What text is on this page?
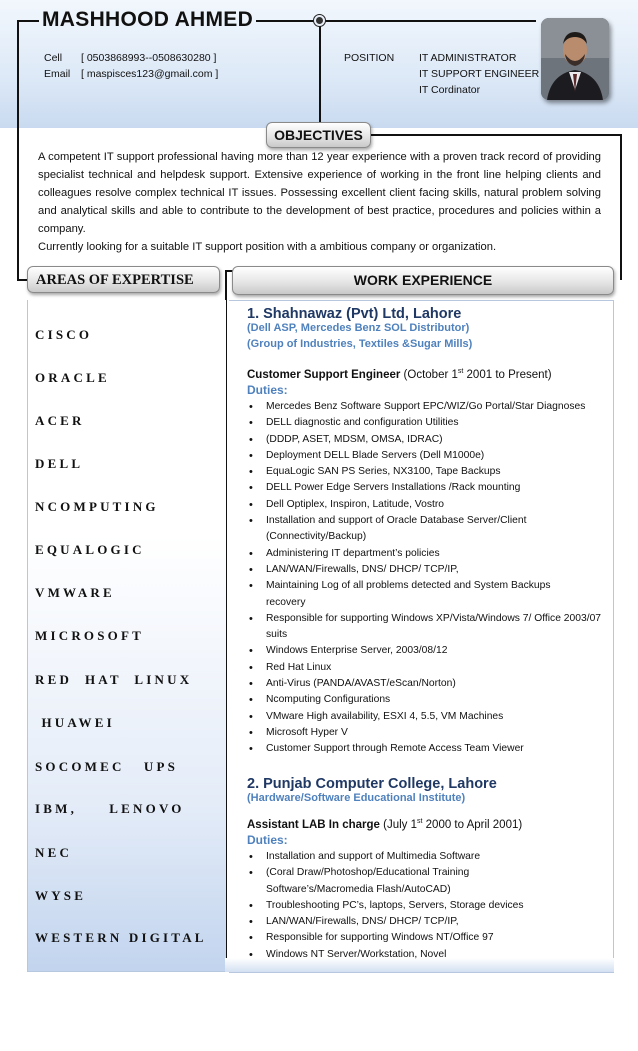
MASHHOOD AHMED
Cell [ 0503868993--0508630280 ]
Email [ maspisces123@gmail.com ]
POSITION IT ADMINISTRATOR
IT SUPPORT ENGINEER
IT Cordinator
OBJECTIVES

A competent IT support professional having more than 12 year experience with a proven track record of providing specialist technical and helpdesk support. Extensive experience of working in the front line helping clients and colleagues resolve complex technical IT issues. Possessing excellent client facing skills, natural problem solving and analytical skills and able to contribute to the development of best practice, procedures and policies within a company.

Currently looking for a suitable IT support position with a ambitious company or organization.

AREAS OF EXPERTISE	WORK EXPERIENCE
CISCO
ORACLE
ACER
DELL
NCOMPUTING
EQUALOGIC
VMWARE
MICROSOFT
RED  HAT  LINUX
HUAWEI
SOCOMEC   UPS
IBM,     LENOVO
NEC
WYSE
WESTERN DIGITAL
1. Shahnawaz (Pvt) Ltd, Lahore
(Dell ASP, Mercedes Benz SOL Distributor)
(Group of Industries, Textiles &Sugar Mills)
Customer Support Engineer (October 1st 2001 to Present)
Duties:
• Mercedes Benz Software Support EPC/WIZ/Go Portal/Star Diagnoses
• DELL diagnostic and configuration Utilities
• (DDDP, ASET, MDSM, OMSA, IDRAC)
• Deployment DELL Blade Servers (Dell M1000e)
• EquaLogic SAN PS Series, NX3100, Tape Backups
• DELL Power Edge Servers Installations /Rack mounting
• Dell Optiplex, Inspiron, Latitude, Vostro
• Installation and support of Oracle Database Server/Client (Connectivity/Backup)
• Administering IT department’s policies
• LAN/WAN/Firewalls, DNS/ DHCP/ TCP/IP,
• Maintaining Log of all problems detected and System Backups recovery
• Responsible for supporting Windows XP/Vista/Windows 7/ Office 2003/07 suits
• Windows Enterprise Server, 2003/08/12
• Red Hat Linux
• Anti-Virus (PANDA/AVAST/eScan/Norton)
• Ncomputing Configurations
• VMware High availability, ESXI 4, 5.5, VM Machines
• Microsoft Hyper V
• Customer Support through Remote Access Team Viewer
2. Punjab Computer College, Lahore
(Hardware/Software Educational Institute)
Assistant LAB In charge (July 1st 2000 to April 2001)
Duties:
• Installation and support of Multimedia Software
• (Coral Draw/Photoshop/Educational Training Software’s/Macromedia Flash/AutoCAD)
• Troubleshooting PC’s, laptops, Servers, Storage devices
• LAN/WAN/Firewalls, DNS/ DHCP/ TCP/IP,
• Responsible for supporting Windows NT/Office 97
• Windows NT Server/Workstation, Novel
